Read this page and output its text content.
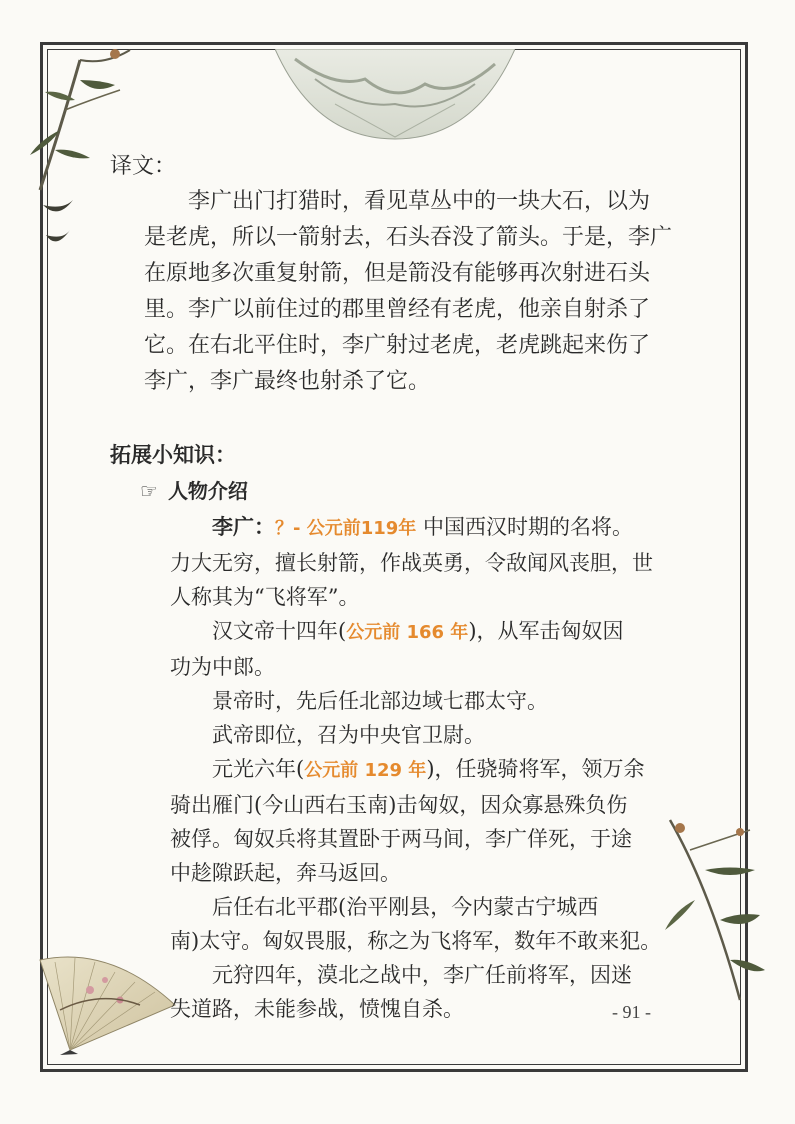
译文：

李广出门打猎时，看见草丛中的一块大石，以为
是老虎，所以一箭射去，石头吞没了箭头。于是，李广
在原地多次重复射箭，但是箭没有能够再次射进石头
里。李广以前住过的郡里曾经有老虎，他亲自射杀了
它。在右北平住时，李广射过老虎，老虎跳起来伤了
李广，李广最终也射杀了它。
拓展小知识：
☞ 人物介绍

李广：？- 公元前119年 中国西汉时期的名将。

力大无穷，擅长射箭，作战英勇，令敌闻风丧胆，世

人称其为“飞将军”。

汉文帝十四年(公元前 166 年)，从军击匈奴因

功为中郎。

景帝时，先后任北部边域七郡太守。

武帝即位，召为中央官卫尉。

元光六年(公元前 129 年)，任骁骑将军，领万余

骑出雁门(今山西右玉南)击匈奴，因众寡悬殊负伤

被俘。匈奴兵将其置卧于两马间，李广佯死，于途

中趁隙跃起，奔马返回。

后任右北平郡(治平刚县，今内蒙古宁城西

南)太守。匈奴畏服，称之为飞将军，数年不敢来犯。

元狩四年，漠北之战中，李广任前将军，因迷

失道路，未能参战，愤愧自杀。	- 91 -
